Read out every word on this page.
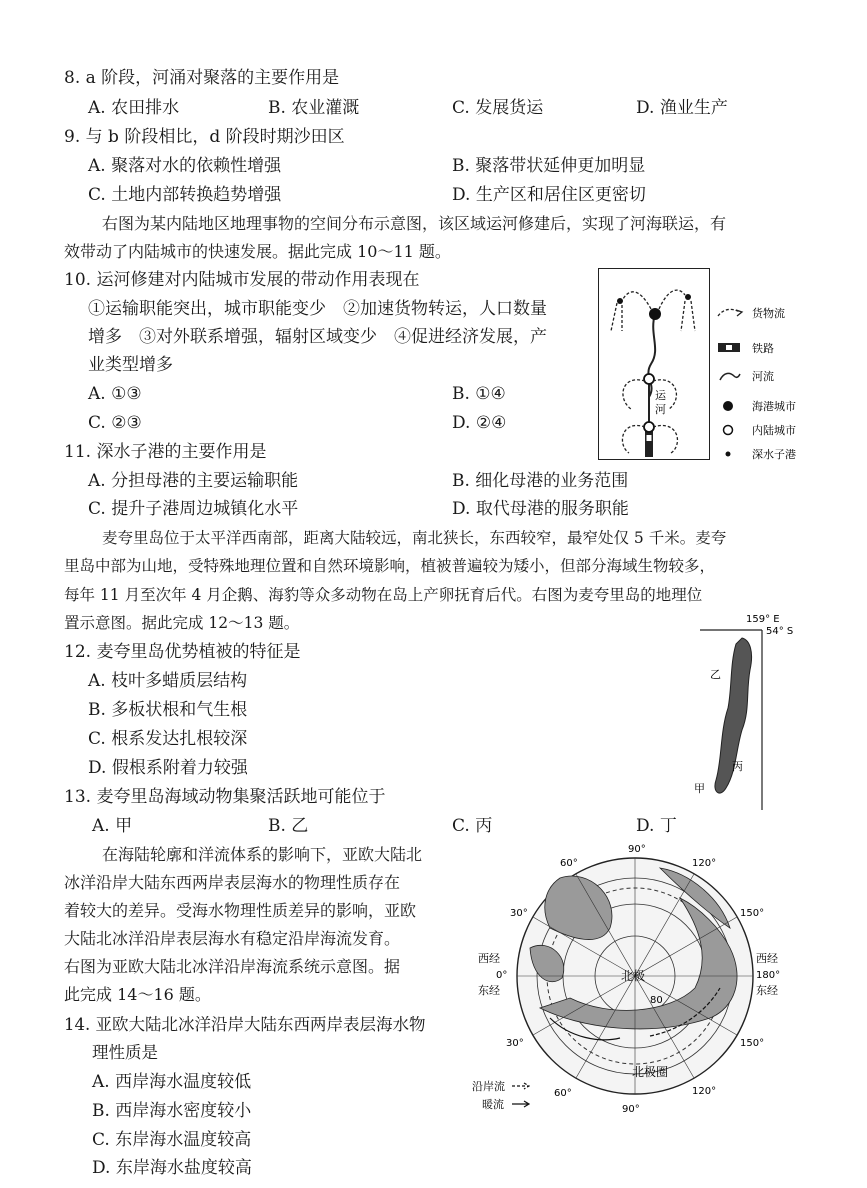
8. a 阶段，河涌对聚落的主要作用是
A. 农田排水	B. 农业灌溉	C. 发展货运	D. 渔业生产
9. 与 b 阶段相比，d 阶段时期沙田区
A. 聚落对水的依赖性增强	B. 聚落带状延伸更加明显
C. 土地内部转换趋势增强	D. 生产区和居住区更密切
右图为某内陆地区地理事物的空间分布示意图，该区域运河修建后，实现了河海联运，有
效带动了内陆城市的快速发展。据此完成 10～11 题。
10. 运河修建对内陆城市发展的带动作用表现在
①运输职能突出，城市职能变少　②加速货物转运，人口数量
增多　③对外联系增强，辐射区域变少　④促进经济发展，产
业类型增多
A. ①③	B. ①④
C. ②③	D. ②④
运
河
货物流
铁路
河流
海港城市
内陆城市
深水子港
11. 深水子港的主要作用是
A. 分担母港的主要运输职能	B. 细化母港的业务范围
C. 提升子港周边城镇化水平	D. 取代母港的服务职能
麦夸里岛位于太平洋西南部，距离大陆较远，南北狭长，东西较窄，最窄处仅 5 千米。麦夸
里岛中部为山地，受特殊地理位置和自然环境影响，植被普遍较为矮小，但部分海域生物较多，
每年 11 月至次年 4 月企鹅、海豹等众多动物在岛上产卵抚育后代。右图为麦夸里岛的地理位
置示意图。据此完成 12～13 题。	159° E
54° S
乙
丙
甲
12. 麦夸里岛优势植被的特征是
A. 枝叶多蜡质层结构
B. 多板状根和气生根
C. 根系发达扎根较深
D. 假根系附着力较强
13. 麦夸里岛海域动物集聚活跃地可能位于
A. 甲	B. 乙	C. 丙	D. 丁
在海陆轮廓和洋流体系的影响下，亚欧大陆北
冰洋沿岸大陆东西两岸表层海水的物理性质存在
着较大的差异。受海水物理性质差异的影响，亚欧
大陆北冰洋沿岸表层海水有稳定沿岸海流发育。
右图为亚欧大陆北冰洋沿岸海流系统示意图。据
此完成 14～16 题。
北极
80
北极圈
90°
60°	120°
30°	150°
30°	150°
60°	120°
90°
西经
0°
东经
西经
180°
东经
沿岸流
暖流
14. 亚欧大陆北冰洋沿岸大陆东西两岸表层海水物
理性质是
A. 西岸海水温度较低
B. 西岸海水密度较小
C. 东岸海水温度较高
D. 东岸海水盐度较高
